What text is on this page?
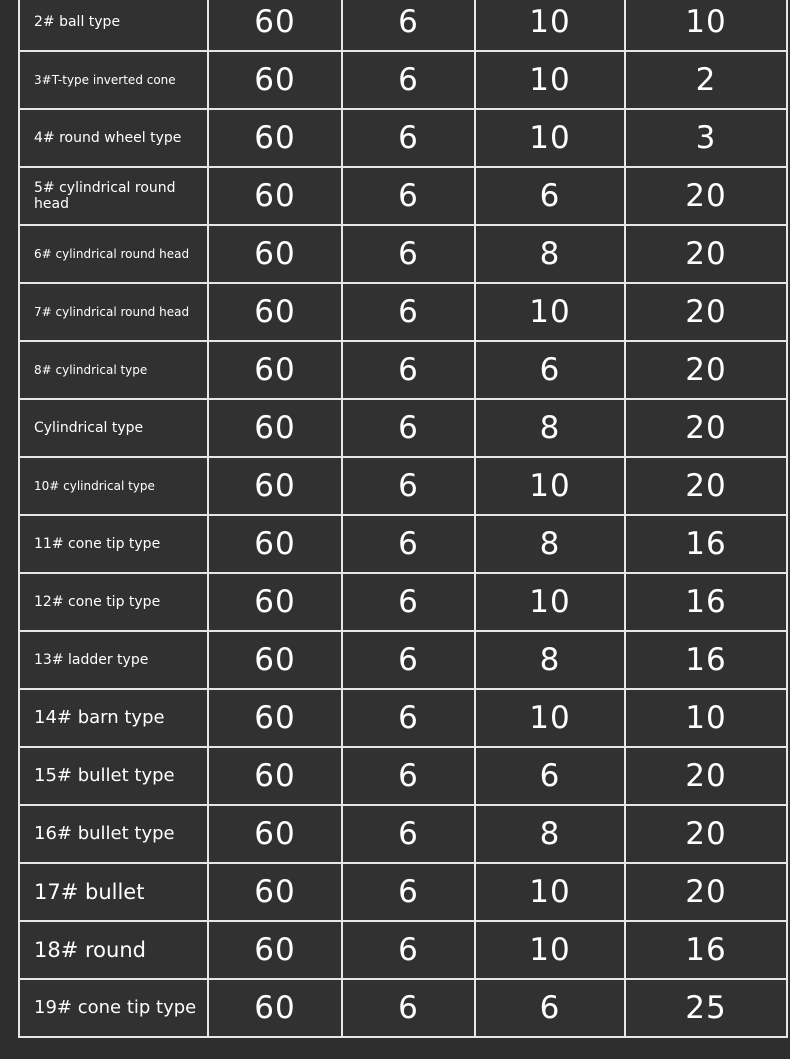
2# ball type	60	6	10	10
3#T-type inverted cone	60	6	10	2
4# round wheel type	60	6	10	3
5# cylindrical round head	60	6	6	20
6# cylindrical round head	60	6	8	20
7# cylindrical round head	60	6	10	20
8# cylindrical type	60	6	6	20
Cylindrical type	60	6	8	20
10# cylindrical type	60	6	10	20
11# cone tip type	60	6	8	16
12# cone tip type	60	6	10	16
13# ladder type	60	6	8	16
14# barn type	60	6	10	10
15# bullet type	60	6	6	20
16# bullet type	60	6	8	20
17# bullet	60	6	10	20
18# round	60	6	10	16
19# cone tip type	60	6	6	25
